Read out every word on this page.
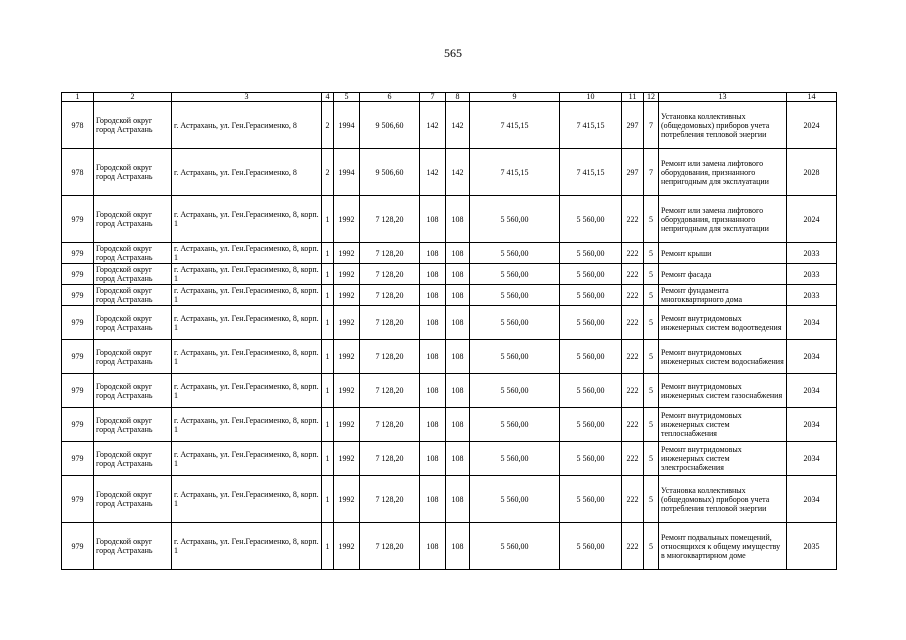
565
1	2	3	4	5	6	7	8	9	10	11	12	13	14
978	Городской округ город Астрахань	г. Астрахань, ул. Ген.Герасименко, 8	2	1994	9 506,60	142	142	7 415,15	7 415,15	297	7	Установка коллективных (общедомовых) приборов учета потребления тепловой энергии	2024
978	Городской округ город Астрахань	г. Астрахань, ул. Ген.Герасименко, 8	2	1994	9 506,60	142	142	7 415,15	7 415,15	297	7	Ремонт или замена лифтового оборудования, признанного непригодным для эксплуатации	2028
979	Городской округ город Астрахань	г. Астрахань, ул. Ген.Герасименко, 8, корп. 1	1	1992	7 128,20	108	108	5 560,00	5 560,00	222	5	Ремонт или замена лифтового оборудования, признанного непригодным для эксплуатации	2024
979	Городской округ город Астрахань	г. Астрахань, ул. Ген.Герасименко, 8, корп. 1	1	1992	7 128,20	108	108	5 560,00	5 560,00	222	5	Ремонт крыши	2033
979	Городской округ город Астрахань	г. Астрахань, ул. Ген.Герасименко, 8, корп. 1	1	1992	7 128,20	108	108	5 560,00	5 560,00	222	5	Ремонт фасада	2033
979	Городской округ город Астрахань	г. Астрахань, ул. Ген.Герасименко, 8, корп. 1	1	1992	7 128,20	108	108	5 560,00	5 560,00	222	5	Ремонт фундамента многоквартирного дома	2033
979	Городской округ город Астрахань	г. Астрахань, ул. Ген.Герасименко, 8, корп. 1	1	1992	7 128,20	108	108	5 560,00	5 560,00	222	5	Ремонт внутридомовых инженерных систем водоотведения	2034
979	Городской округ город Астрахань	г. Астрахань, ул. Ген.Герасименко, 8, корп. 1	1	1992	7 128,20	108	108	5 560,00	5 560,00	222	5	Ремонт внутридомовых инженерных систем водоснабжения	2034
979	Городской округ город Астрахань	г. Астрахань, ул. Ген.Герасименко, 8, корп. 1	1	1992	7 128,20	108	108	5 560,00	5 560,00	222	5	Ремонт внутридомовых инженерных систем газоснабжения	2034
979	Городской округ город Астрахань	г. Астрахань, ул. Ген.Герасименко, 8, корп. 1	1	1992	7 128,20	108	108	5 560,00	5 560,00	222	5	Ремонт внутридомовых инженерных систем теплоснабжения	2034
979	Городской округ город Астрахань	г. Астрахань, ул. Ген.Герасименко, 8, корп. 1	1	1992	7 128,20	108	108	5 560,00	5 560,00	222	5	Ремонт внутридомовых инженерных систем электроснабжения	2034
979	Городской округ город Астрахань	г. Астрахань, ул. Ген.Герасименко, 8, корп. 1	1	1992	7 128,20	108	108	5 560,00	5 560,00	222	5	Установка коллективных (общедомовых) приборов учета потребления тепловой энергии	2034
979	Городской округ город Астрахань	г. Астрахань, ул. Ген.Герасименко, 8, корп. 1	1	1992	7 128,20	108	108	5 560,00	5 560,00	222	5	Ремонт подвальных помещений, относящихся к общему имуществу в многоквартирном доме	2035
